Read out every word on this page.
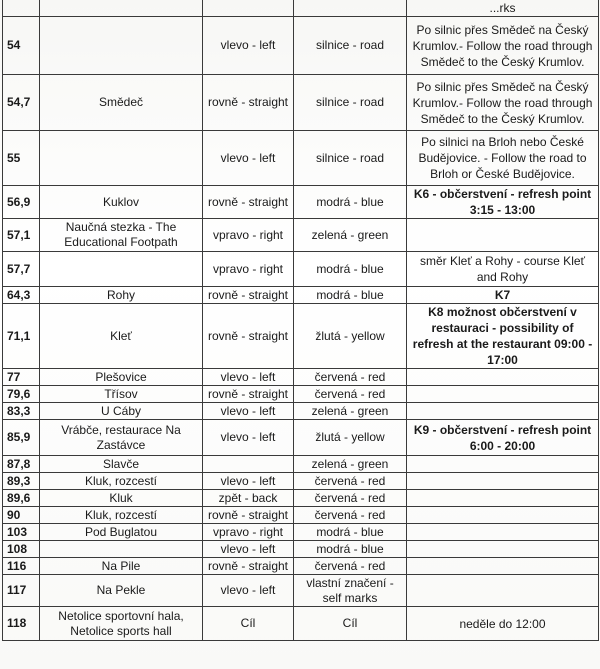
				...rks
54		vlevo - left	silnice - road	Po silnic přes Smědeč na Český Krumlov.- Follow the road through Smědeč to the Český Krumlov.
54,7	Smědeč	rovně - straight	silnice - road	Po silnic přes Smědeč na Český Krumlov.- Follow the road through Smědeč to the Český Krumlov.
55		vlevo - left	silnice - road	Po silnici na Brloh nebo České Budějovice. - Follow the road to Brloh or České Budějovice.
56,9	Kuklov	rovně - straight	modrá - blue	K6 - občerstvení - refresh point 3:15 - 13:00
57,1	Naučná stezka - The Educational Footpath	vpravo - right	zelená - green	
57,7		vpravo - right	modrá - blue	směr Kleť a Rohy - course Kleť and Rohy
64,3	Rohy	rovně - straight	modrá - blue	K7
71,1	Kleť	rovně - straight	žlutá - yellow	K8 možnost občerstvení v restauraci - possibility of refresh at the restaurant 09:00 - 17:00
77	Plešovice	vlevo - left	červená - red	
79,6	Třísov	rovně - straight	červená - red	
83,3	U Cáby	vlevo - left	zelená - green	
85,9	Vrábče, restaurace Na Zastávce	vlevo - left	žlutá - yellow	K9 - občerstvení - refresh point 6:00 - 20:00
87,8	Slavče		zelená - green	
89,3	Kluk, rozcestí	vlevo - left	červená - red	
89,6	Kluk	zpět - back	červená - red	
90	Kluk, rozcestí	rovně - straight	červená - red	
103	Pod Buglatou	vpravo - right	modrá - blue	
108		vlevo - left	modrá - blue	
116	Na Pile	rovně - straight	červená - red	
117	Na Pekle	vlevo - left	vlastní značení - self marks	
118	Netolice sportovní hala, Netolice sports hall	Cíl	Cíl	neděle do 12:00
